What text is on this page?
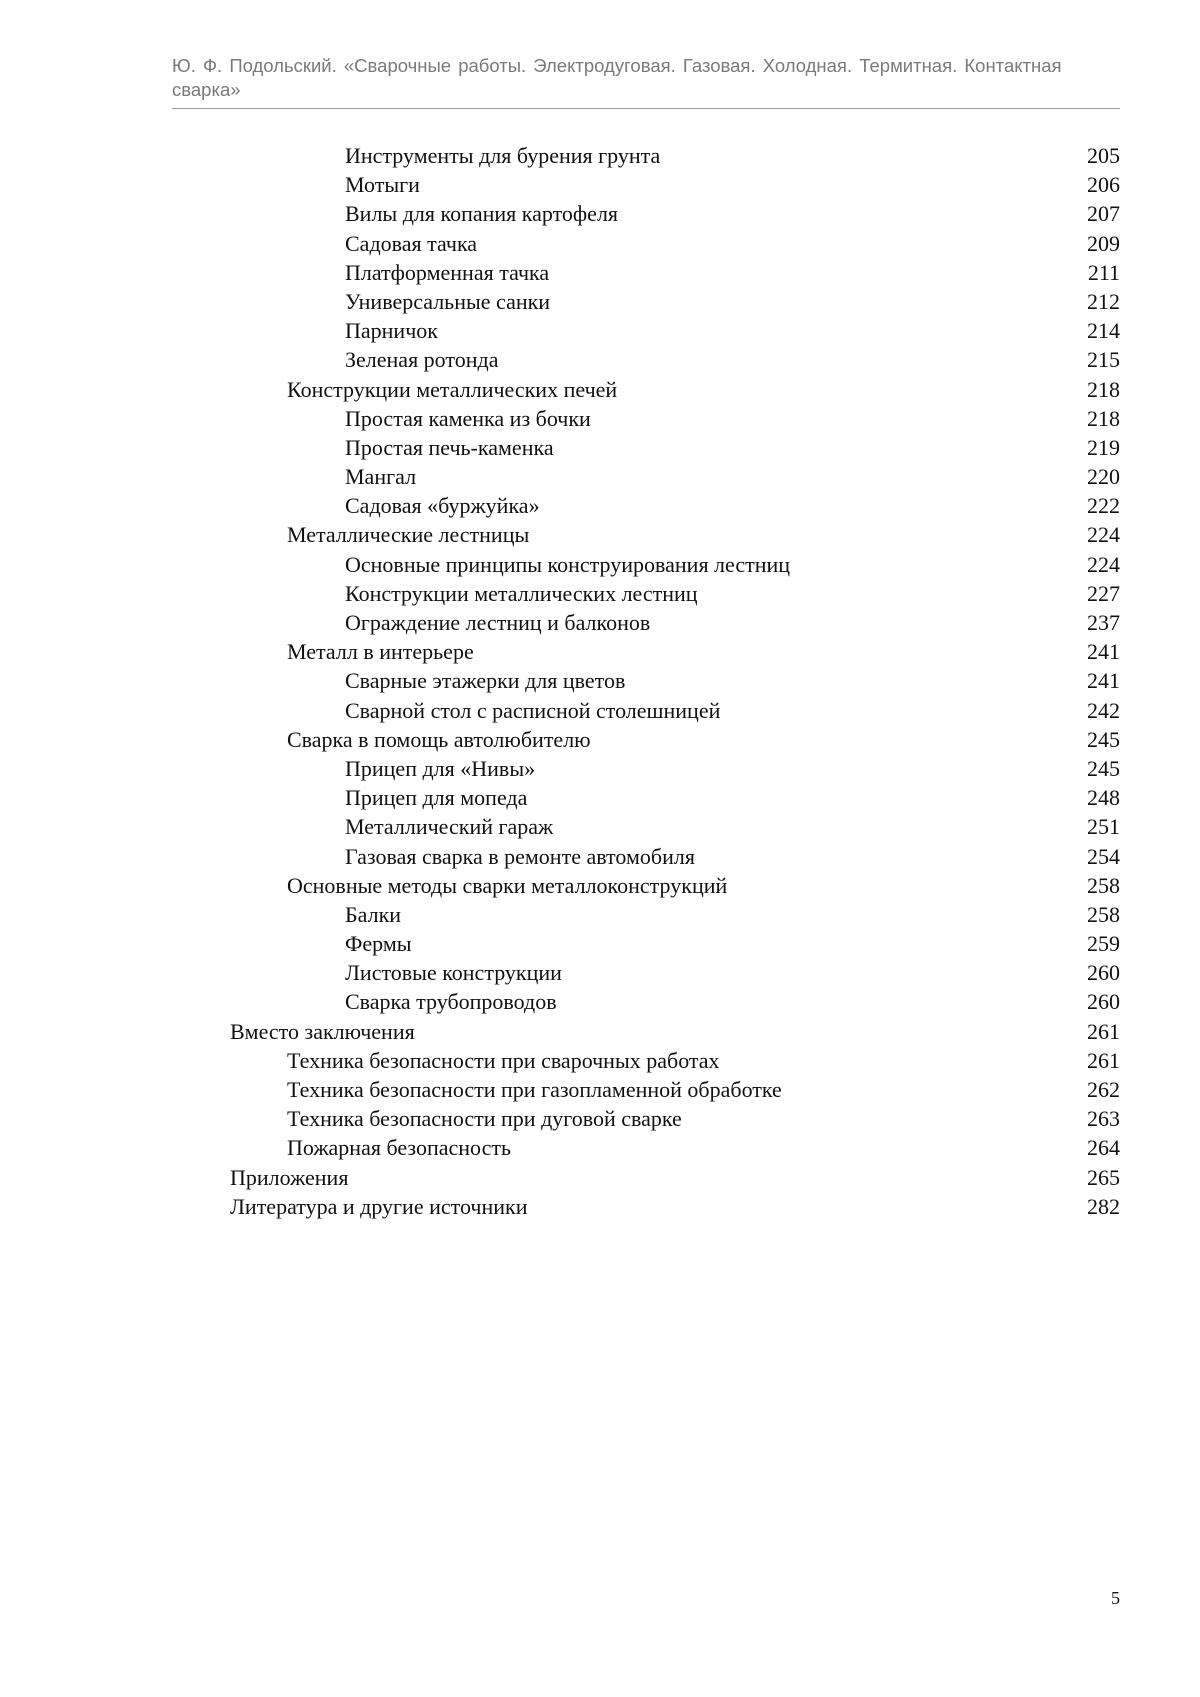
Ю. Ф. Подольский. «Сварочные работы. Электродуговая. Газовая. Холодная. Термитная. Контактная сварка»
Инструменты для бурения грунта	205
Мотыги	206
Вилы для копания картофеля	207
Садовая тачка	209
Платформенная тачка	211
Универсальные санки	212
Парничок	214
Зеленая ротонда	215
Конструкции металлических печей	218
Простая каменка из бочки	218
Простая печь-каменка	219
Мангал	220
Садовая «буржуйка»	222
Металлические лестницы	224
Основные принципы конструирования лестниц	224
Конструкции металлических лестниц	227
Ограждение лестниц и балконов	237
Металл в интерьере	241
Сварные этажерки для цветов	241
Сварной стол с расписной столешницей	242
Сварка в помощь автолюбителю	245
Прицеп для «Нивы»	245
Прицеп для мопеда	248
Металлический гараж	251
Газовая сварка в ремонте автомобиля	254
Основные методы сварки металлоконструкций	258
Балки	258
Фермы	259
Листовые конструкции	260
Сварка трубопроводов	260
Вместо заключения	261
Техника безопасности при сварочных работах	261
Техника безопасности при газопламенной обработке	262
Техника безопасности при дуговой сварке	263
Пожарная безопасность	264
Приложения	265
Литература и другие источники	282
5
